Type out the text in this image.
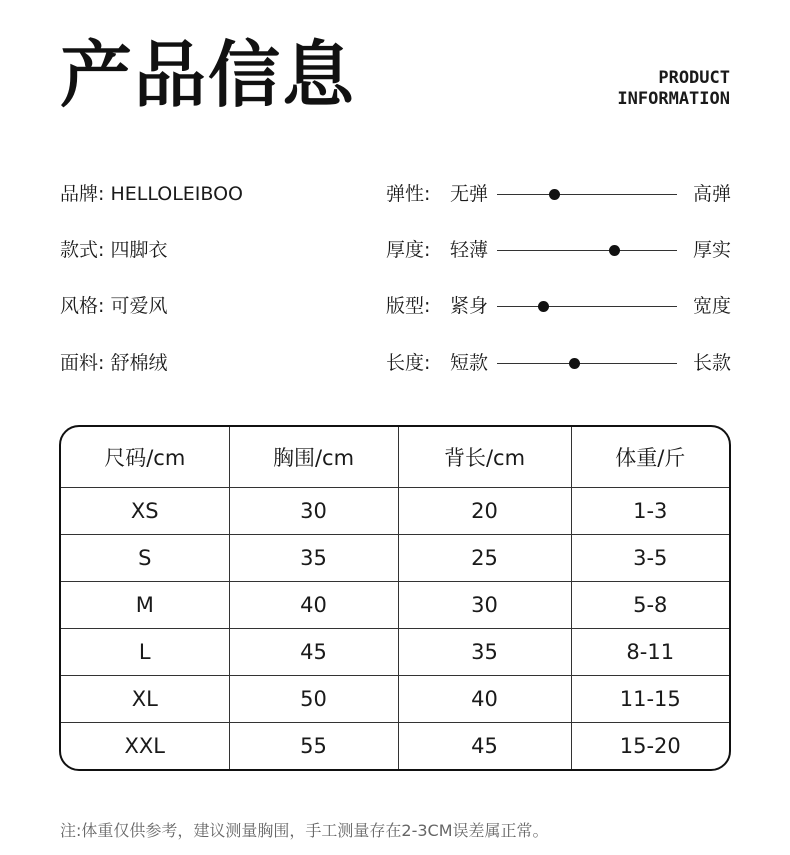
产品信息	PRODUCT
INFORMATION
品牌: HELLOLEIBOO
款式: 四脚衣
风格: 可爱风
面料: 舒棉绒
弹性: 无弹	高弹
厚度: 轻薄	厚实
版型: 紧身	宽度
长度: 短款	长款
尺码/cm	胸围/cm	背长/cm	体重/斤
XS	30	20	1-3
S	35	25	3-5
M	40	30	5-8
L	45	35	8-11
XL	50	40	11-15
XXL	55	45	15-20
注:体重仅供参考，建议测量胸围，手工测量存在2-3CM误差属正常。
